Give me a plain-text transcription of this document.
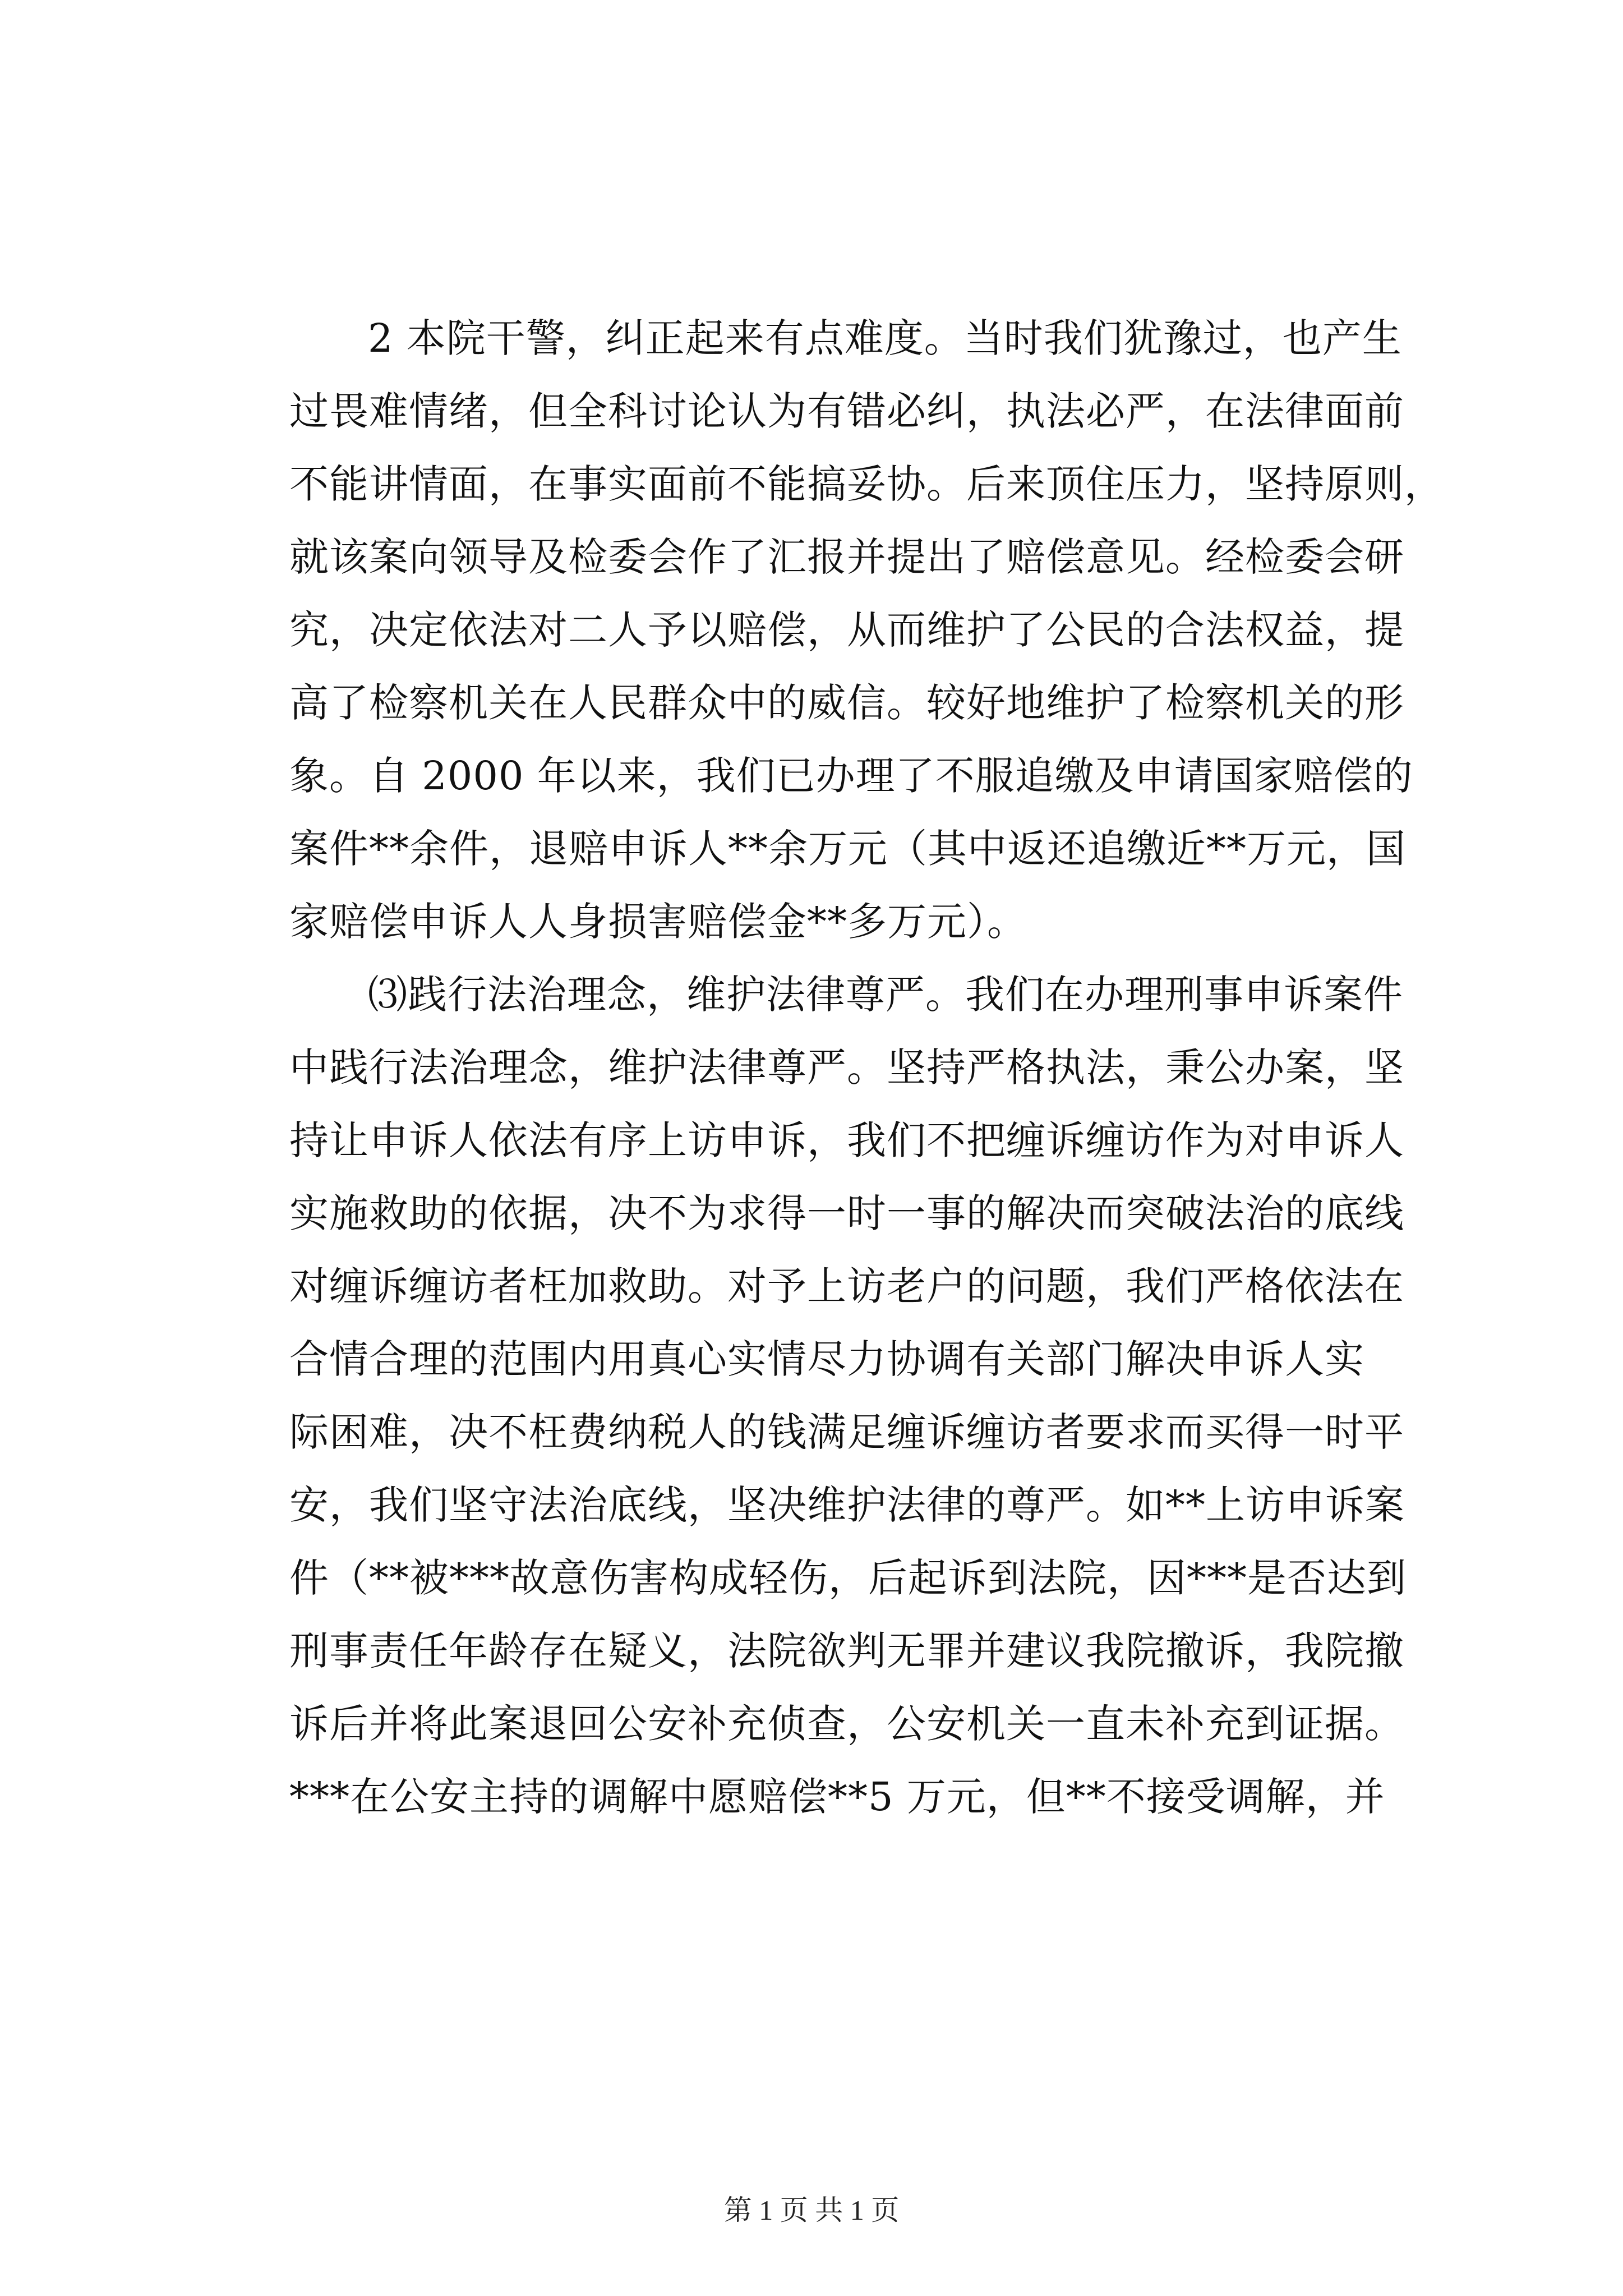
2 本院干警，纠正起来有点难度。当时我们犹豫过，也产生
过畏难情绪，但全科讨论认为有错必纠，执法必严，在法律面前
不能讲情面，在事实面前不能搞妥协。后来顶住压力，坚持原则，
就该案向领导及检委会作了汇报并提出了赔偿意见。经检委会研
究，决定依法对二人予以赔偿，从而维护了公民的合法权益，提
高了检察机关在人民群众中的威信。较好地维护了检察机关的形
象。自 2000 年以来，我们已办理了不服追缴及申请国家赔偿的
案件**余件，退赔申诉人**余万元（其中返还追缴近**万元，国
家赔偿申诉人人身损害赔偿金**多万元）。
⑶践行法治理念，维护法律尊严。我们在办理刑事申诉案件
中践行法治理念，维护法律尊严。坚持严格执法，秉公办案，坚
持让申诉人依法有序上访申诉，我们不把缠诉缠访作为对申诉人
实施救助的依据，决不为求得一时一事的解决而突破法治的底线
对缠诉缠访者枉加救助。对予上访老户的问题，我们严格依法在
合情合理的范围内用真心实情尽力协调有关部门解决申诉人实
际困难，决不枉费纳税人的钱满足缠诉缠访者要求而买得一时平
安，我们坚守法治底线，坚决维护法律的尊严。如**上访申诉案
件（**被***故意伤害构成轻伤，后起诉到法院，因***是否达到
刑事责任年龄存在疑义，法院欲判无罪并建议我院撤诉，我院撤
诉后并将此案退回公安补充侦查，公安机关一直未补充到证据。
***在公安主持的调解中愿赔偿**5 万元，但**不接受调解，并
第 1 页 共 1 页
